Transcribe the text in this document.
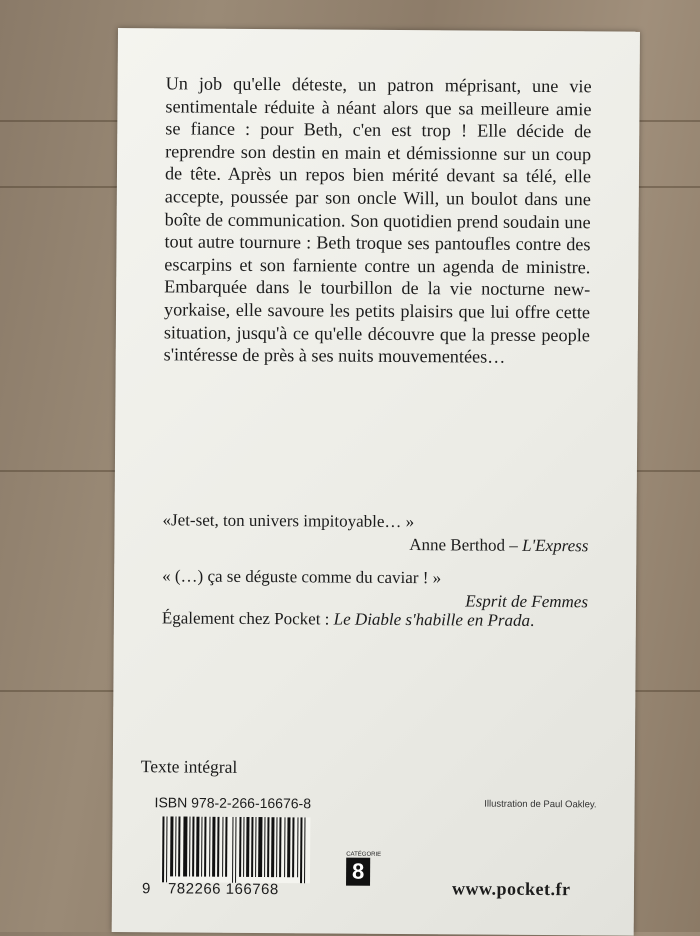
Un job qu'elle déteste, un patron méprisant, une vie sentimentale réduite à néant alors que sa meilleure amie se fiance : pour Beth, c'en est trop ! Elle décide de reprendre son destin en main et démissionne sur un coup de tête. Après un repos bien mérité devant sa télé, elle accepte, poussée par son oncle Will, un boulot dans une boîte de communication. Son quotidien prend soudain une tout autre tournure : Beth troque ses pantoufles contre des escarpins et son farniente contre un agenda de ministre. Embarquée dans le tourbillon de la vie nocturne new-yorkaise, elle savoure les petits plaisirs que lui offre cette situation, jusqu'à ce qu'elle découvre que la presse people s'intéresse de près à ses nuits mouvementées…

«Jet-set, ton univers impitoyable… »
Anne Berthod – L'Express
« (…) ça se déguste comme du caviar ! »
Esprit de Femmes
Également chez Pocket : Le Diable s'habille en Prada.
Texte intégral
ISBN 978-2-266-16676-8	Illustration de Paul Oakley.
9 782266 166768
CATÉGORIE
8
www.pocket.fr
